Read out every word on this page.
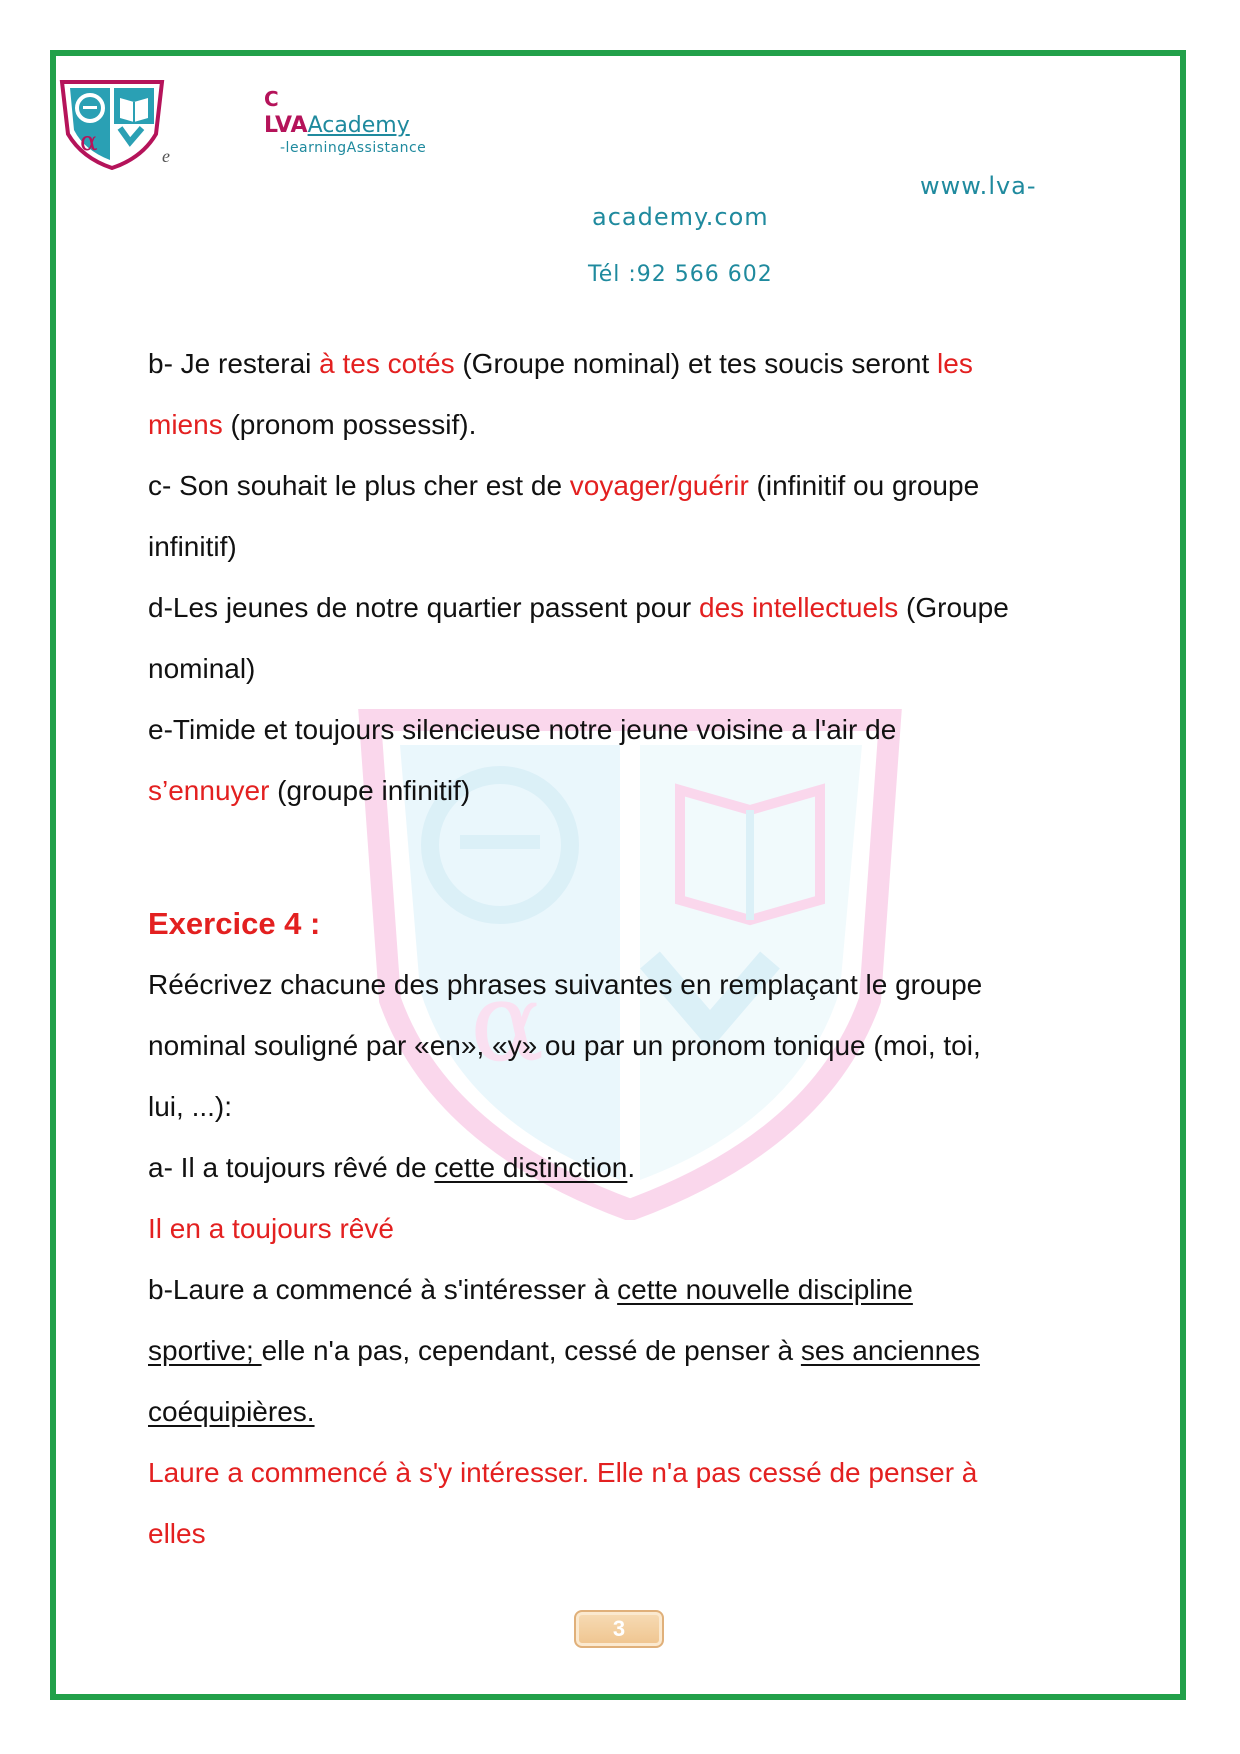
α
α	e
C
LVAAcademy
-learningAssistance
www.lva-
academy.com
Tél :92 566 602
b- Je resterai à tes cotés (Groupe nominal) et tes soucis seront les
miens (pronom possessif).
c- Son souhait le plus cher est de voyager/guérir (infinitif ou groupe
infinitif)
d-Les jeunes de notre quartier passent pour des intellectuels (Groupe
nominal)
e-Timide et toujours silencieuse notre jeune voisine a l'air de
s’ennuyer (groupe infinitif)
Exercice 4 :
Réécrivez chacune des phrases suivantes en remplaçant le groupe
nominal souligné par «en», «y» ou par un pronom tonique (moi, toi,
lui, ...):
a- Il a toujours rêvé de cette distinction.
Il en a toujours rêvé
b-Laure a commencé à s'intéresser à cette nouvelle discipline
sportive; elle n'a pas, cependant, cessé de penser à ses anciennes
coéquipières.
Laure a commencé à s'y intéresser. Elle n'a pas cessé de penser à
elles
3
